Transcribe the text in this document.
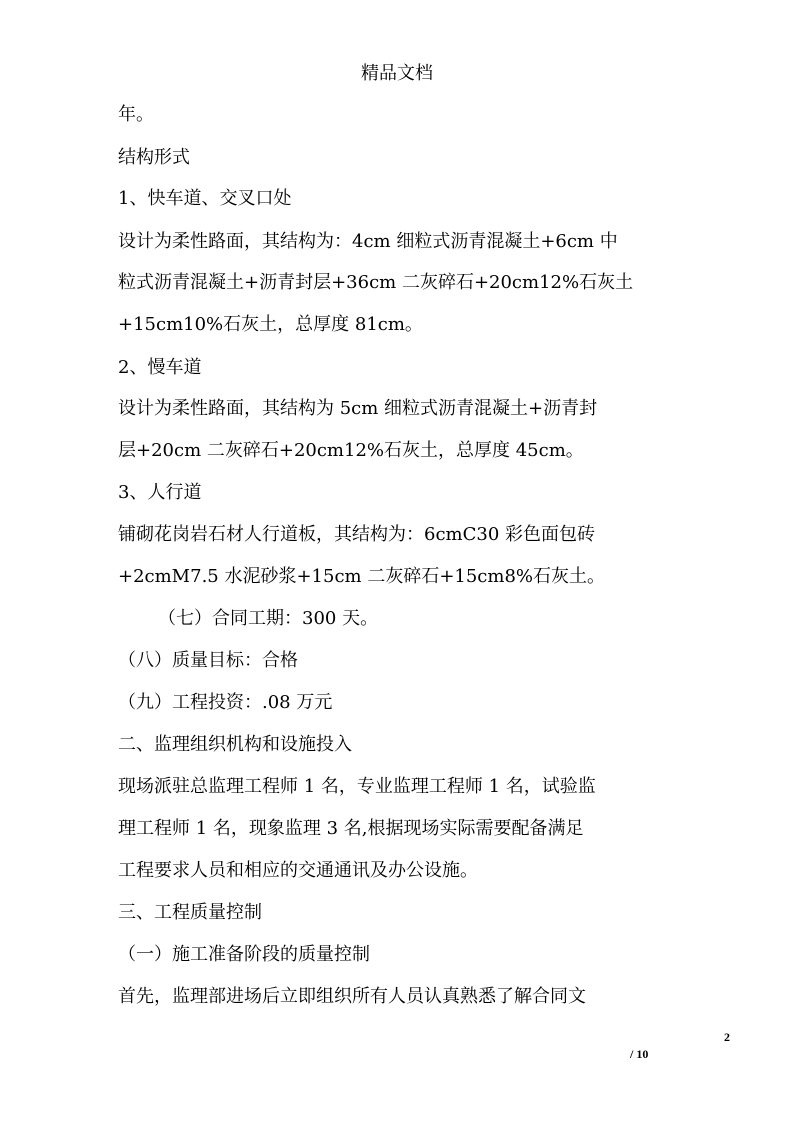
精品文档
年。
结构形式
1、快车道、交叉口处
设计为柔性路面，其结构为：4cm 细粒式沥青混凝土+6cm 中
粒式沥青混凝土+沥青封层+36cm 二灰碎石+20cm12%石灰土
+15cm10%石灰土，总厚度 81cm。
2、慢车道
设计为柔性路面，其结构为 5cm 细粒式沥青混凝土+沥青封
层+20cm 二灰碎石+20cm12%石灰土，总厚度 45cm。
3、人行道
铺砌花岗岩石材人行道板，其结构为：6cmC30 彩色面包砖
+2cmM7.5 水泥砂浆+15cm 二灰碎石+15cm8%石灰土。
（七）合同工期：300 天。
（八）质量目标：合格
（九）工程投资：.08 万元
二、监理组织机构和设施投入
现场派驻总监理工程师 1 名，专业监理工程师 1 名，试验监
理工程师 1 名，现象监理 3 名,根据现场实际需要配备满足
工程要求人员和相应的交通通讯及办公设施。
三、工程质量控制
（一）施工准备阶段的质量控制
首先，监理部进场后立即组织所有人员认真熟悉了解合同文
2
/ 10
